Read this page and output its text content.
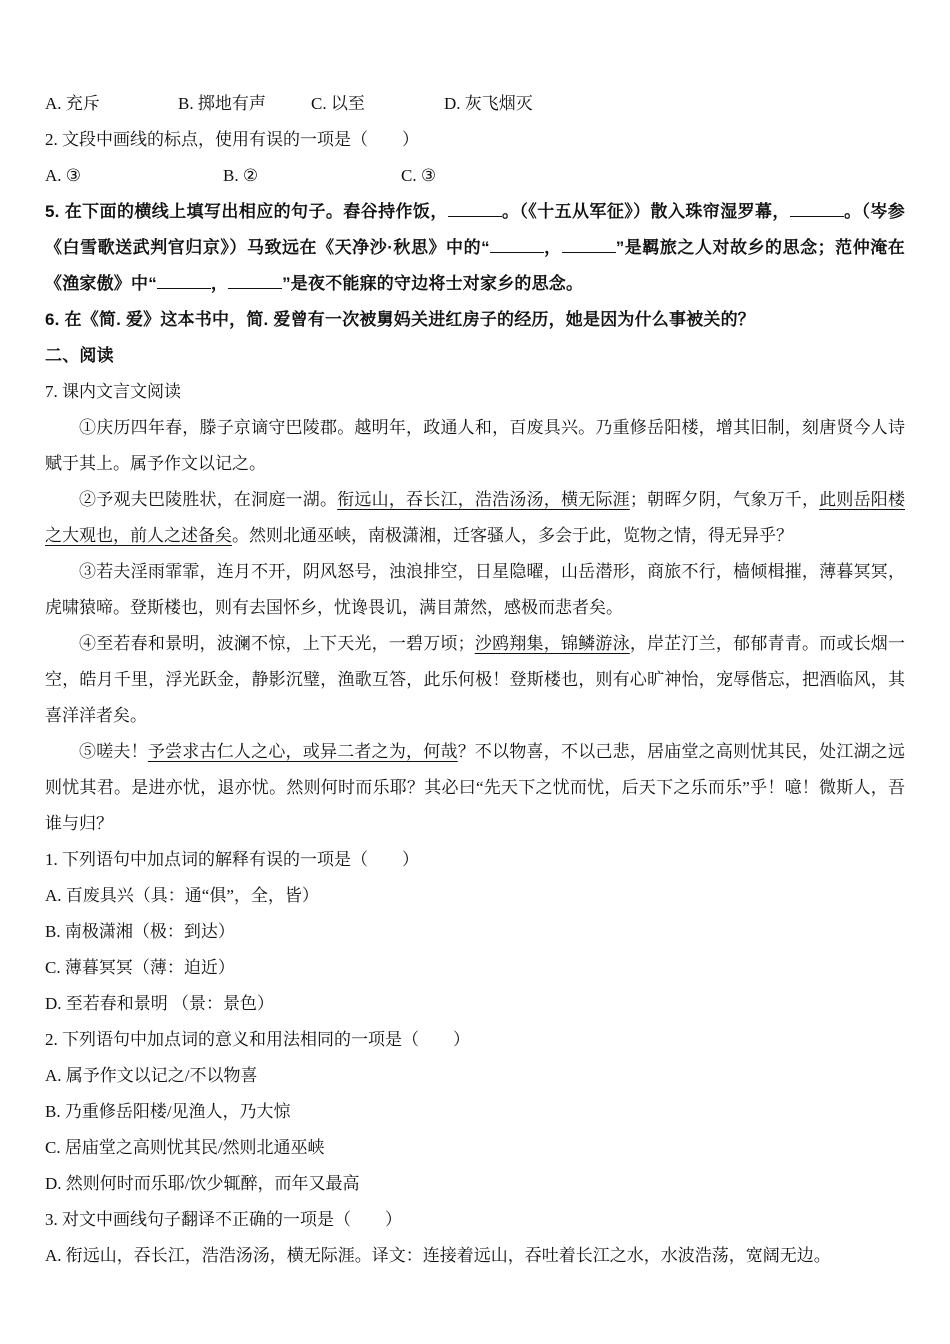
A. 充斥	B. 掷地有声	C. 以至	D. 灰飞烟灭

2. 文段中画线的标点，使用有误的一项是（　　）

A. ③	B. ②	C. ③

5. 在下面的横线上填写出相应的句子。舂谷持作饭，	。（《十五从军征》）散入珠帘湿罗幕，	。（岑参《白雪歌送武判官归京》）马致远在《天净沙·秋思》中的“	，	”是羁旅之人对故乡的思念；范仲淹在《渔家傲》中“	，	”是夜不能寐的守边将士对家乡的思念。

6. 在《简. 爱》这本书中，简. 爱曾有一次被舅妈关进红房子的经历，她是因为什么事被关的？

二、阅读

7. 课内文言文阅读

①庆历四年春，滕子京谪守巴陵郡。越明年，政通人和，百废具兴。乃重修岳阳楼，增其旧制，刻唐贤今人诗赋于其上。属予作文以记之。

②予观夫巴陵胜状，在洞庭一湖。衔远山，吞长江，浩浩汤汤，横无际涯；朝晖夕阴，气象万千，此则岳阳楼之大观也，前人之述备矣。然则北通巫峡，南极潇湘，迁客骚人，多会于此，览物之情，得无异乎？

③若夫淫雨霏霏，连月不开，阴风怒号，浊浪排空，日星隐曜，山岳潜形，商旅不行，樯倾楫摧，薄暮冥冥，虎啸猿啼。登斯楼也，则有去国怀乡，忧谗畏讥，满目萧然，感极而悲者矣。

④至若春和景明，波澜不惊，上下天光，一碧万顷；沙鸥翔集，锦鳞游泳，岸芷汀兰，郁郁青青。而或长烟一空，皓月千里，浮光跃金，静影沉璧，渔歌互答，此乐何极！登斯楼也，则有心旷神怡，宠辱偕忘，把酒临风，其喜洋洋者矣。

⑤嗟夫！予尝求古仁人之心，或异二者之为，何哉？不以物喜，不以己悲，居庙堂之高则忧其民，处江湖之远则忧其君。是进亦忧，退亦忧。然则何时而乐耶？其必曰“先天下之忧而忧，后天下之乐而乐”乎！噫！微斯人，吾谁与归？

1. 下列语句中加点词的解释有误的一项是（　　）

A. 百废具兴（具：通“俱”，全，皆）

B. 南极潇湘（极：到达）

C. 薄暮冥冥（薄：迫近）

D. 至若春和景明 （景：景色）

2. 下列语句中加点词的意义和用法相同的一项是（　　）

A. 属予作文以记之/不以物喜

B. 乃重修岳阳楼/见渔人，乃大惊

C. 居庙堂之高则忧其民/然则北通巫峡

D. 然则何时而乐耶/饮少辄醉，而年又最高

3. 对文中画线句子翻译不正确的一项是（　　）

A. 衔远山，吞长江，浩浩汤汤，横无际涯。译文：连接着远山，吞吐着长江之水，水波浩荡，宽阔无边。
